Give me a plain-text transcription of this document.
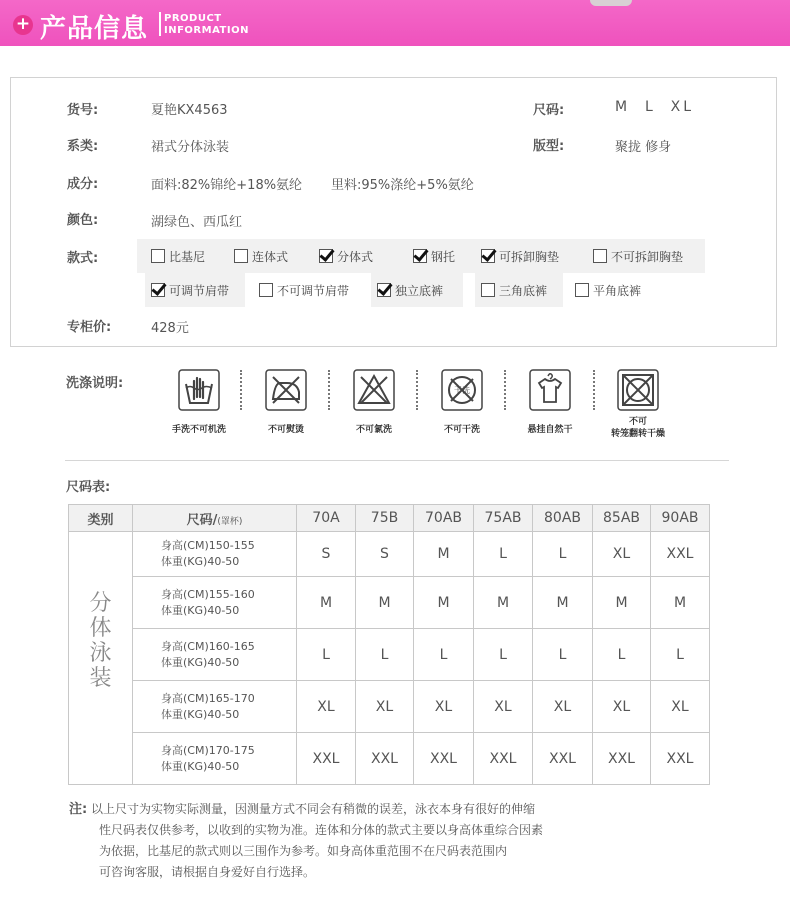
+ 产品信息 PRODUCT
INFORMATION
货号:	夏艳KX4563	尺码:	M  L  XL
系类:	裙式分体泳装	版型:	聚拢 修身
成分:	面料:82%锦纶+18%氨纶 里料:95%涤纶+5%氨纶
颜色:	湖绿色、西瓜红
款式:	比基尼	连体式	分体式	钢托	可拆卸胸垫	不可拆卸胸垫
可调节肩带	不可调节肩带	独立底裤	三角底裤	平角底裤
专柜价:	428元
洗涤说明:
手洗不可机洗	不可熨烫	不可氯洗
干洗
不可干洗	悬挂自然干
不可
转笼翻转干燥
尺码表:
类别	尺码/(罩杯)	70A	75B	70AB	75AB	80AB	85AB	90AB

分
体
泳
装	身高(CM)150-155
体重(KG)40-50	S	S	M	L	L	XL	XXL

	身高(CM)155-160
体重(KG)40-50	M	M	M	M	M	M	M

	身高(CM)160-165
体重(KG)40-50	L	L	L	L	L	L	L

	身高(CM)165-170
体重(KG)40-50	XL	XL	XL	XL	XL	XL	XL

	身高(CM)170-175
体重(KG)40-50	XXL	XXL	XXL	XXL	XXL	XXL	XXL
注: 以上尺寸为实物实际测量，因测量方式不同会有稍微的误差，泳衣本身有很好的伸缩
性尺码表仅供参考，以收到的实物为准。连体和分体的款式主要以身高体重综合因素
为依据，比基尼的款式则以三围作为参考。如身高体重范围不在尺码表范围内
可咨询客服，请根据自身爱好自行选择。
